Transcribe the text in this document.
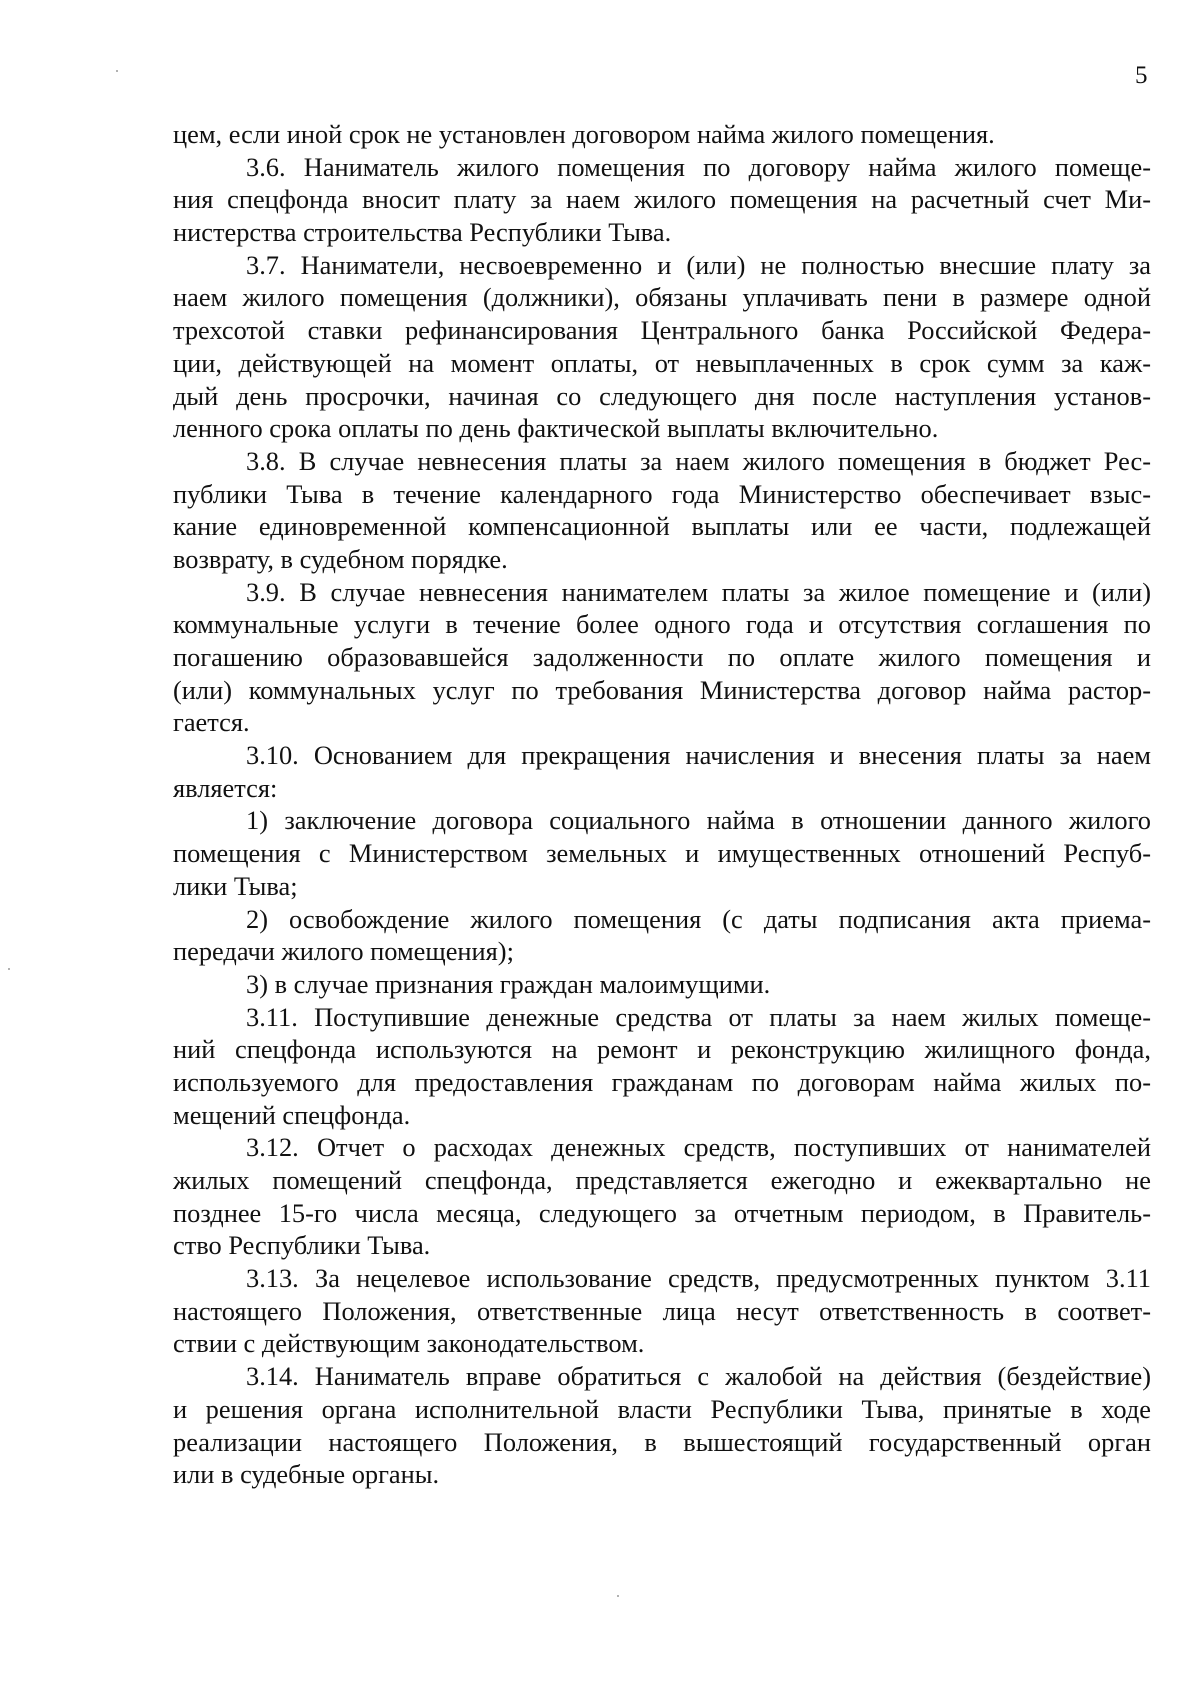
5
цем, если иной срок не установлен договором найма жилого помещения.
3.6. Наниматель жилого помещения по договору найма жилого помеще-
ния спецфонда вносит плату за наем жилого помещения на расчетный счет Ми-
нистерства строительства Республики Тыва.
3.7. Наниматели, несвоевременно и (или) не полностью внесшие плату за
наем жилого помещения (должники), обязаны уплачивать пени в размере одной
трехсотой ставки рефинансирования Центрального банка Российской Федера-
ции, действующей на момент оплаты, от невыплаченных в срок сумм за каж-
дый день просрочки, начиная со следующего дня после наступления установ-
ленного срока оплаты по день фактической выплаты включительно.
3.8. В случае невнесения платы за наем жилого помещения в бюджет Рес-
публики Тыва в течение календарного года Министерство обеспечивает взыс-
кание единовременной компенсационной выплаты или ее части, подлежащей
возврату, в судебном порядке.
3.9. В случае невнесения нанимателем платы за жилое помещение и (или)
коммунальные услуги в течение более одного года и отсутствия соглашения по
погашению образовавшейся задолженности по оплате жилого помещения и
(или) коммунальных услуг по требования Министерства договор найма растор-
гается.
3.10. Основанием для прекращения начисления и внесения платы за наем
является:
1) заключение договора социального найма в отношении данного жилого
помещения с Министерством земельных и имущественных отношений Респуб-
лики Тыва;
2) освобождение жилого помещения (с даты подписания акта приема-
передачи жилого помещения);
3) в случае признания граждан малоимущими.
3.11. Поступившие денежные средства от платы за наем жилых помеще-
ний спецфонда используются на ремонт и реконструкцию жилищного фонда,
используемого для предоставления гражданам по договорам найма жилых по-
мещений спецфонда.
3.12. Отчет о расходах денежных средств, поступивших от нанимателей
жилых помещений спецфонда, представляется ежегодно и ежеквартально не
позднее 15-го числа месяца, следующего за отчетным периодом, в Правитель-
ство Республики Тыва.
3.13. За нецелевое использование средств, предусмотренных пунктом 3.11
настоящего Положения, ответственные лица несут ответственность в соответ-
ствии с действующим законодательством.
3.14. Наниматель вправе обратиться с жалобой на действия (бездействие)
и решения органа исполнительной власти Республики Тыва, принятые в ходе
реализации настоящего Положения, в вышестоящий государственный орган
или в судебные органы.
